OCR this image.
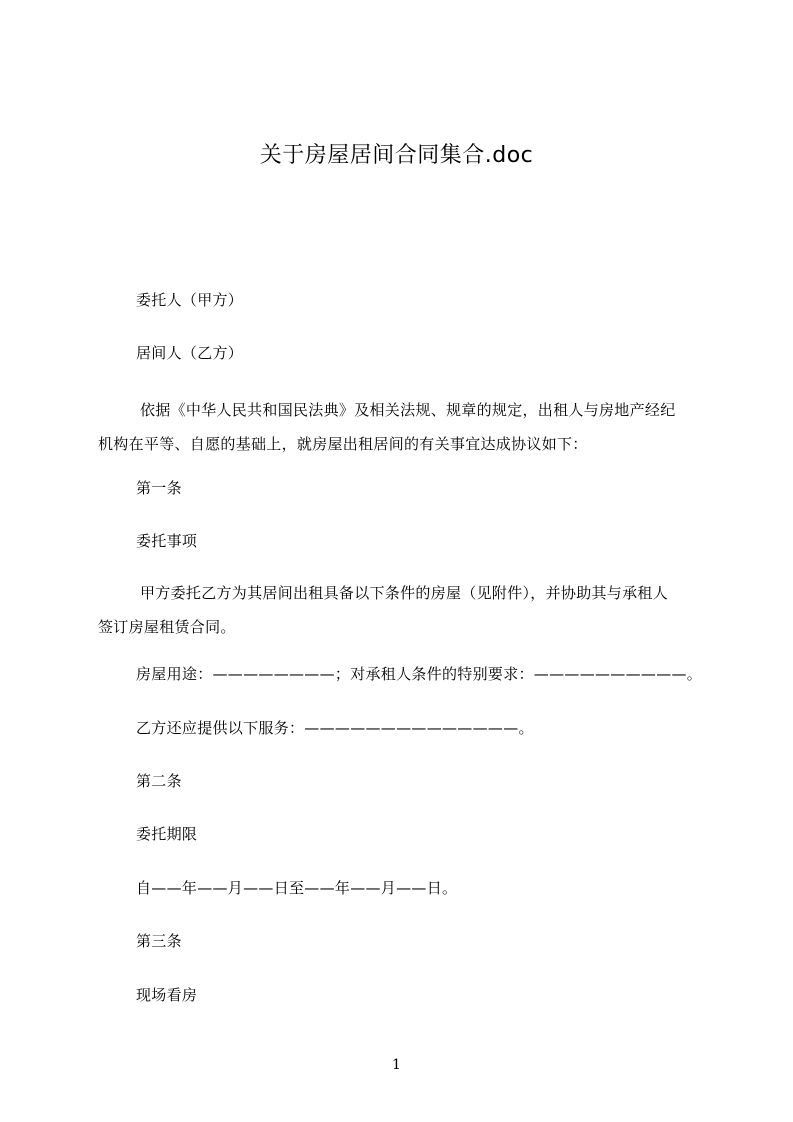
关于房屋居间合同集合.doc
委托人（甲方）
居间人（乙方）
依据《中华人民共和国民法典》及相关法规、规章的规定，出租人与房地产经纪
机构在平等、自愿的基础上，就房屋出租居间的有关事宜达成协议如下：
第一条
委托事项
甲方委托乙方为其居间出租具备以下条件的房屋（见附件），并协助其与承租人
签订房屋租赁合同。
房屋用途：————————；对承租人条件的特别要求：——————————。
乙方还应提供以下服务：——————————————。
第二条
委托期限
自——年——月——日至——年——月——日。
第三条
现场看房
1
